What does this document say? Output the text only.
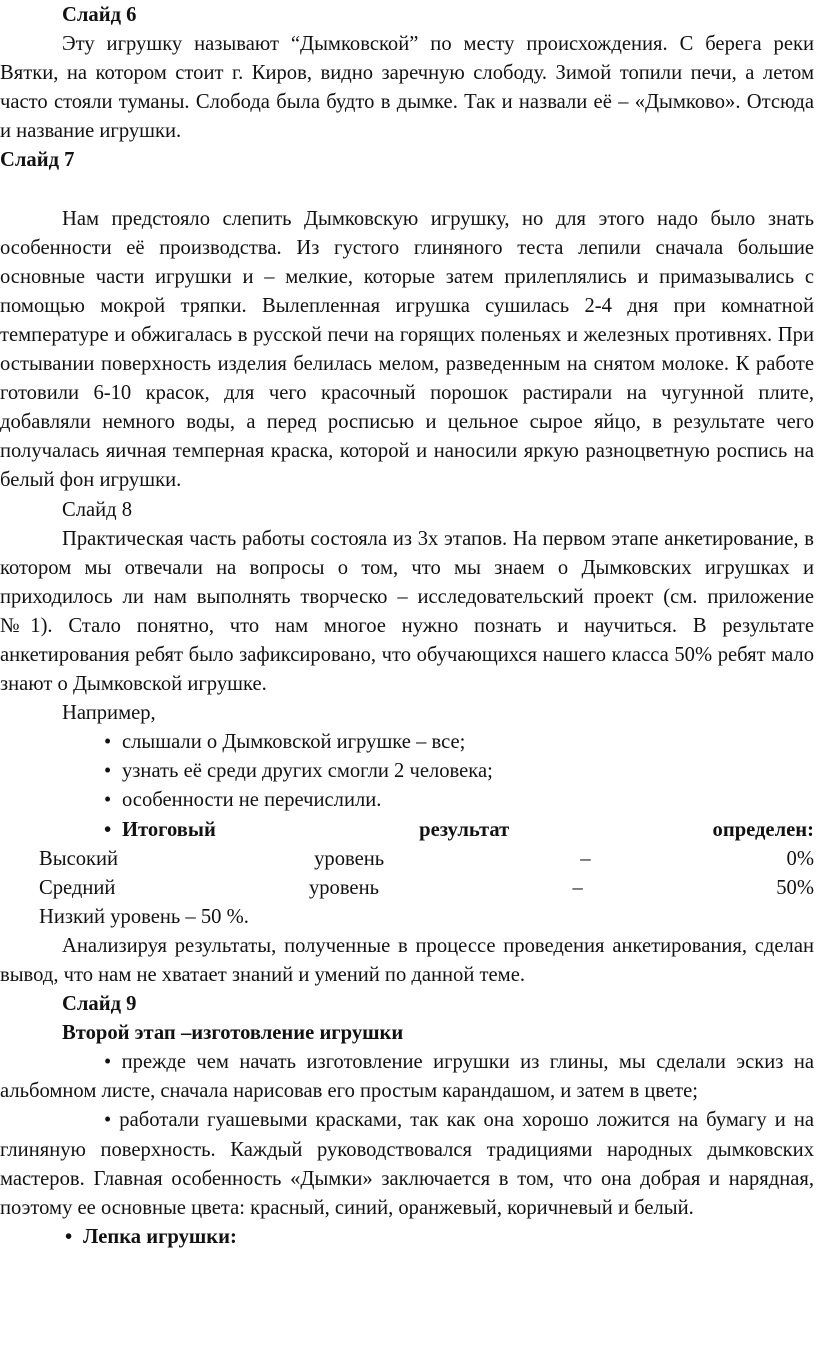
Слайд 6

Эту игрушку называют “Дымковской” по месту происхождения. С берега реки Вятки, на котором стоит г. Киров, видно заречную слободу. Зимой топили печи, а летом часто стояли туманы. Слобода была будто в дымке. Так и назвали её – «Дымково». Отсюда и название игрушки.

Слайд 7

Нам предстояло слепить Дымковскую игрушку, но для этого надо было знать особенности её производства. Из густого глиняного теста лепили сначала большие основные части игрушки и – мелкие, которые затем прилеплялись и примазывались с помощью мокрой тряпки. Вылепленная игрушка сушилась 2-4 дня при комнатной температуре и обжигалась в русской печи на горящих поленьях и железных противнях. При остывании поверхность изделия белилась мелом, разведенным на снятом молоке. К работе готовили 6-10 красок, для чего красочный порошок растирали на чугунной плите, добавляли немного воды, а перед росписью и цельное сырое яйцо, в результате чего получалась яичная темперная краска, которой и наносили яркую разноцветную роспись на белый фон игрушки.

Слайд 8

Практическая часть работы состояла из 3х этапов. На первом этапе анкетирование, в котором мы отвечали на вопросы о том, что мы знаем о Дымковских игрушках и приходилось ли нам выполнять творческо – исследовательский проект (см. приложение №1). Стало понятно, что нам многое нужно познать и научиться. В результате анкетирования ребят было зафиксировано, что обучающихся нашего класса 50% ребят мало знают о Дымковской игрушке.

Например,

• слышали о Дымковской игрушке – все;
• узнать её среди других смогли 2 человека;
• особенности не перечислили.
• Итоговый	результат	определен:
Высокий	уровень	–	0%
Средний	уровень	–	50%

Низкий уровень – 50 %.

Анализируя результаты, полученные в процессе проведения анкетирования, сделан вывод, что нам не хватает знаний и умений по данной теме.

Слайд 9

Второй этап –изготовление игрушки

• прежде чем начать изготовление игрушки из глины, мы сделали эскиз на альбомном листе, сначала нарисовав его простым карандашом, и затем в цвете;

• работали гуашевыми красками, так как она хорошо ложится на бумагу и на глиняную поверхность. Каждый руководствовался традициями народных дымковских мастеров. Главная особенность «Дымки» заключается в том, что она добрая и нарядная, поэтому ее основные цвета: красный, синий, оранжевый, коричневый и белый.

• Лепка игрушки:
